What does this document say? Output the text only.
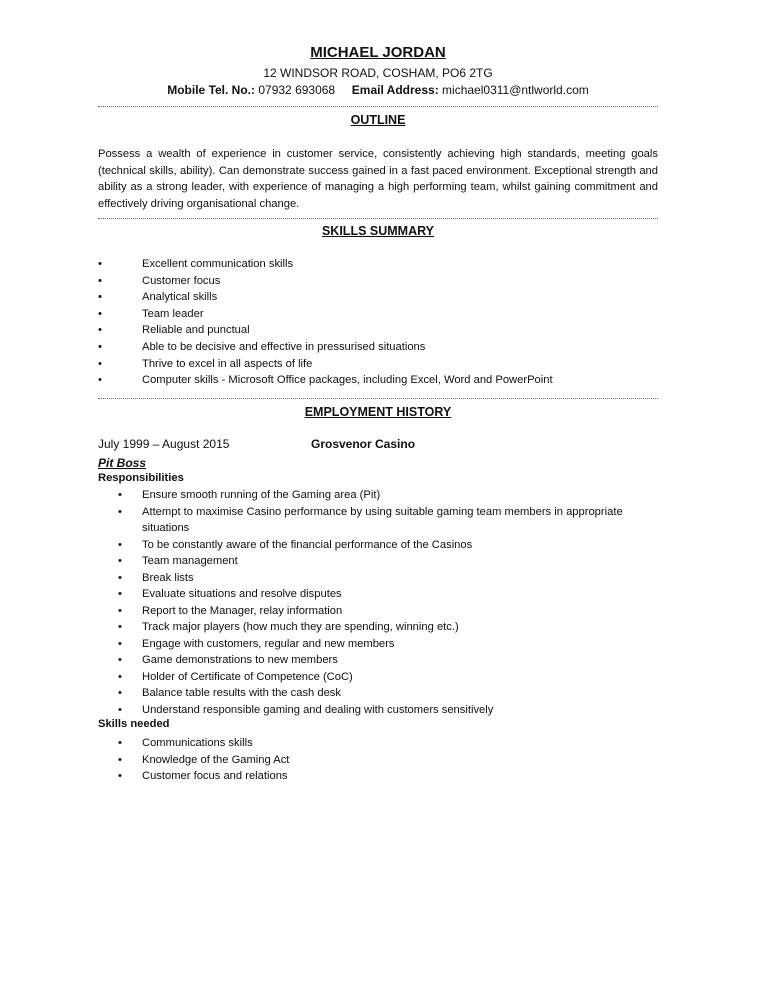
MICHAEL JORDAN
12 WINDSOR ROAD, COSHAM, PO6 2TG
Mobile Tel. No.: 07932 693068 Email Address: michael0311@ntlworld.com
OUTLINE
Possess a wealth of experience in customer service, consistently achieving high standards, meeting goals (technical skills, ability). Can demonstrate success gained in a fast paced environment. Exceptional strength and ability as a strong leader, with experience of managing a high performing team, whilst gaining commitment and effectively driving organisational change.
SKILLS SUMMARY
•	Excellent communication skills
•	Customer focus
•	Analytical skills
•	Team leader
•	Reliable and punctual
•	Able to be decisive and effective in pressurised situations
•	Thrive to excel in all aspects of life
•	Computer skills - Microsoft Office packages, including Excel, Word and PowerPoint
EMPLOYMENT HISTORY
July 1999 – August 2015	Grosvenor Casino
Pit Boss
Responsibilities
• Ensure smooth running of the Gaming area (Pit)
• Attempt to maximise Casino performance by using suitable gaming team members in appropriate situations
• To be constantly aware of the financial performance of the Casinos
• Team management
• Break lists
• Evaluate situations and resolve disputes
• Report to the Manager, relay information
• Track major players (how much they are spending, winning etc.)
• Engage with customers, regular and new members
• Game demonstrations to new members
• Holder of Certificate of Competence (CoC)
• Balance table results with the cash desk
• Understand responsible gaming and dealing with customers sensitively
Skills needed
• Communications skills
• Knowledge of the Gaming Act
• Customer focus and relations
